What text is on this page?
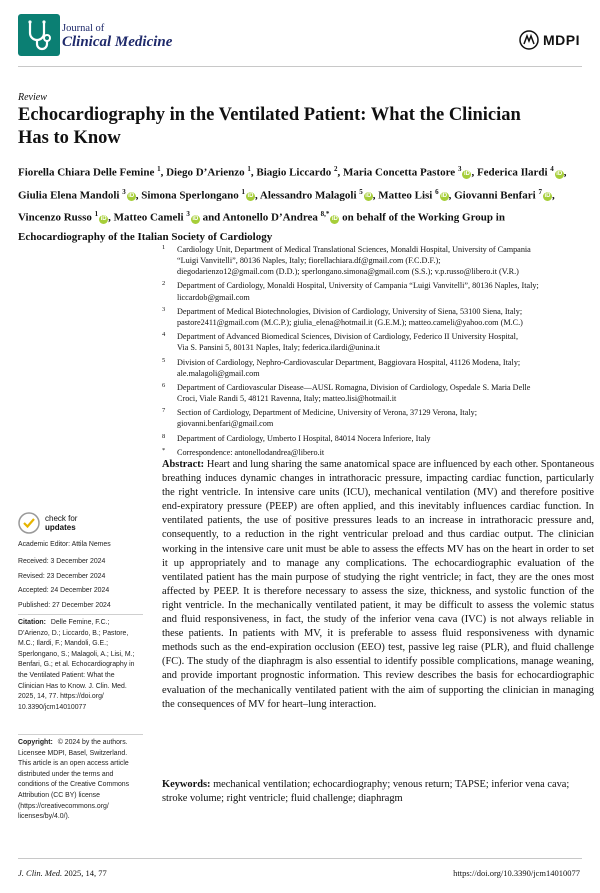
Journal of
Clinical Medicine	MDPI
Review
Echocardiography in the Ventilated Patient: What the Clinician
Has to Know
Fiorella Chiara Delle Femine $^1$, Diego D’Arienzo $^1$, Biagio Liccardo $^2$, Maria Concetta Pastore $^3$iD , Federica Ilardi $^4$iD ,
Giulia Elena Mandoli $^3$iD , Simona Sperlongano $^1$iD , Alessandro Malagoli $^5$iD , Matteo Lisi $^6$iD , Giovanni Benfari $^7$iD ,
Vincenzo Russo $^1$iD , Matteo Cameli $^3$iD and Antonello D’Andrea $^{8,*}$iD on behalf of the Working Group in
Echocardiography of the Italian Society of Cardiology
1 Cardiology Unit, Department of Medical Translational Sciences, Monaldi Hospital, University of Campania
“Luigi Vanvitelli”, 80136 Naples, Italy; fiorellachiara.df@gmail.com (F.C.D.F.);
diegodarienzo12@gmail.com (D.D.); sperlongano.simona@gmail.com (S.S.); v.p.russo@libero.it (V.R.)
2 Department of Cardiology, Monaldi Hospital, University of Campania “Luigi Vanvitelli”, 80136 Naples, Italy;
liccardob@gmail.com
3 Department of Medical Biotechnologies, Division of Cardiology, University of Siena, 53100 Siena, Italy;
pastore2411@gmail.com (M.C.P.); giulia_elena@hotmail.it (G.E.M.); matteo.cameli@yahoo.com (M.C.)
4 Department of Advanced Biomedical Sciences, Division of Cardiology, Federico II University Hospital,
Via S. Pansini 5, 80131 Naples, Italy; federica.ilardi@unina.it
5 Division of Cardiology, Nephro-Cardiovascular Department, Baggiovara Hospital, 41126 Modena, Italy;
ale.malagoli@gmail.com
6 Department of Cardiovascular Disease—AUSL Romagna, Division of Cardiology, Ospedale S. Maria Delle
Croci, Viale Randi 5, 48121 Ravenna, Italy; matteo.lisi@hotmail.it
7 Section of Cardiology, Department of Medicine, University of Verona, 37129 Verona, Italy;
giovanni.benfari@gmail.com
8 Department of Cardiology, Umberto I Hospital, 84014 Nocera Inferiore, Italy
* Correspondence: antonellodandrea@libero.it
check for
updates
Academic Editor: Attila Nemes
Received: 3 December 2024
Revised: 23 December 2024
Accepted: 24 December 2024
Published: 27 December 2024
Citation: Delle Femine, F.C.;
D’Arienzo, D.; Liccardo, B.; Pastore,
M.C.; Ilardi, F.; Mandoli, G.E.;
Sperlongano, S.; Malagoli, A.; Lisi, M.;
Benfari, G.; et al. Echocardiography in
the Ventilated Patient: What the
Clinician Has to Know. J. Clin. Med.
2025, 14, 77. https://doi.org/
10.3390/jcm14010077
Copyright: © 2024 by the authors.
Licensee MDPI, Basel, Switzerland.
This article is an open access article
distributed under the terms and
conditions of the Creative Commons
Attribution (CC BY) license
(https://creativecommons.org/
licenses/by/4.0/).
Abstract: Heart and lung sharing the same anatomical space are influenced by each other. Spontaneous breathing induces dynamic changes in intrathoracic pressure, impacting cardiac function, particularly the right ventricle. In intensive care units (ICU), mechanical ventilation (MV) and therefore positive end-expiratory pressure (PEEP) are often applied, and this inevitably influences cardiac function. In ventilated patients, the use of positive pressures leads to an increase in intrathoracic pressure and, consequently, to a reduction in the right ventricular preload and thus cardiac output. The clinician working in the intensive care unit must be able to assess the effects MV has on the heart in order to set it up appropriately and to manage any complications. The echocardiographic evaluation of the ventilated patient has the main purpose of studying the right ventricle; in fact, they are the ones most affected by PEEP. It is therefore necessary to assess the size, thickness, and systolic function of the right ventricle. In the mechanically ventilated patient, it may be difficult to assess the volemic status and fluid responsiveness, in fact, the study of the inferior vena cava (IVC) is not always reliable in these patients. In patients with MV, it is preferable to assess fluid responsiveness with dynamic methods such as the end-expiration occlusion (EEO) test, passive leg raise (PLR), and fluid challenge (FC). The study of the diaphragm is also essential to identify possible complications, manage weaning, and provide important prognostic information. This review describes the basis for echocardiographic evaluation of the mechanically ventilated patient with the aim of supporting the clinician in managing the consequences of MV for heart–lung interaction.
Keywords: mechanical ventilation; echocardiography; venous return; TAPSE; inferior vena cava; stroke volume; right ventricle; fluid challenge; diaphragm
J. Clin. Med. 2025, 14, 77	https://doi.org/10.3390/jcm14010077
